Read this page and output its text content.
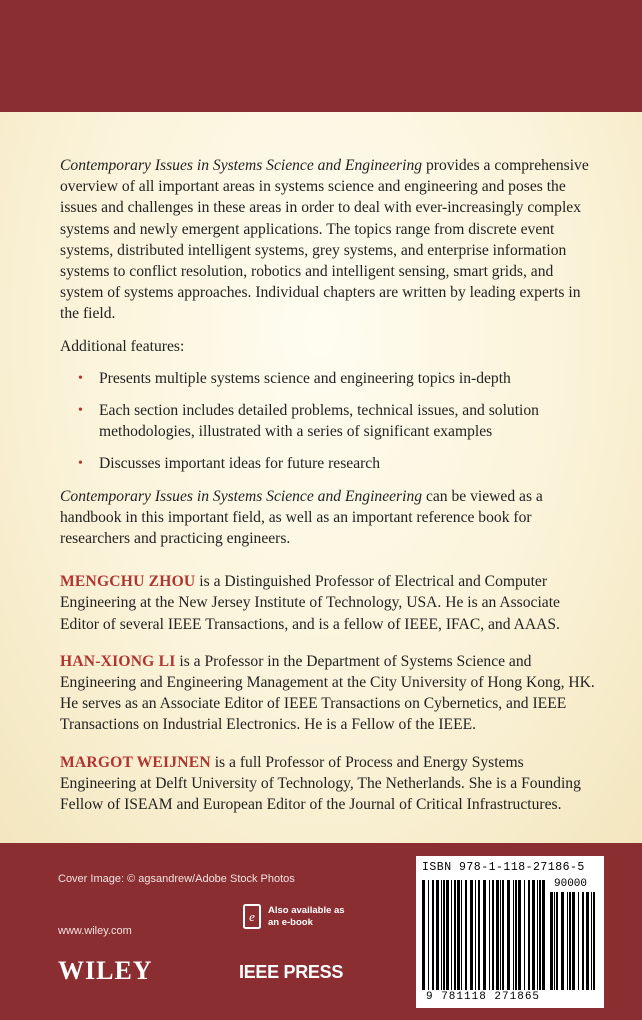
Contemporary Issues in Systems Science and Engineering provides a comprehensive overview of all important areas in systems science and engineering and poses the issues and challenges in these areas in order to deal with ever-increasingly complex systems and newly emergent applications. The topics range from discrete event systems, distributed intelligent systems, grey systems, and enterprise information systems to conflict resolution, robotics and intelligent sensing, smart grids, and system of systems approaches. Individual chapters are written by leading experts in the field.

Additional features:

• Presents multiple systems science and engineering topics in-depth
• Each section includes detailed problems, technical issues, and solution methodologies, illustrated with a series of significant examples
• Discusses important ideas for future research

Contemporary Issues in Systems Science and Engineering can be viewed as a handbook in this important field, as well as an important reference book for researchers and practicing engineers.

MENGCHU ZHOU is a Distinguished Professor of Electrical and Computer Engineering at the New Jersey Institute of Technology, USA. He is an Associate Editor of several IEEE Transactions, and is a fellow of IEEE, IFAC, and AAAS.

HAN-XIONG LI is a Professor in the Department of Systems Science and Engineering and Engineering Management at the City University of Hong Kong, HK. He serves as an Associate Editor of IEEE Transactions on Cybernetics, and IEEE Transactions on Industrial Electronics. He is a Fellow of the IEEE.

MARGOT WEIJNEN is a full Professor of Process and Energy Systems Engineering at Delft University of Technology, The Netherlands. She is a Founding Fellow of ISEAM and European Editor of the Journal of Critical Infrastructures.

Cover Image: © agsandrew/Adobe Stock Photos
www.wiley.com
WILEY
e Also available as an e-book
IEEE PRESS
ISBN 978-1-118-27186-5
90000
9 781118 271865
